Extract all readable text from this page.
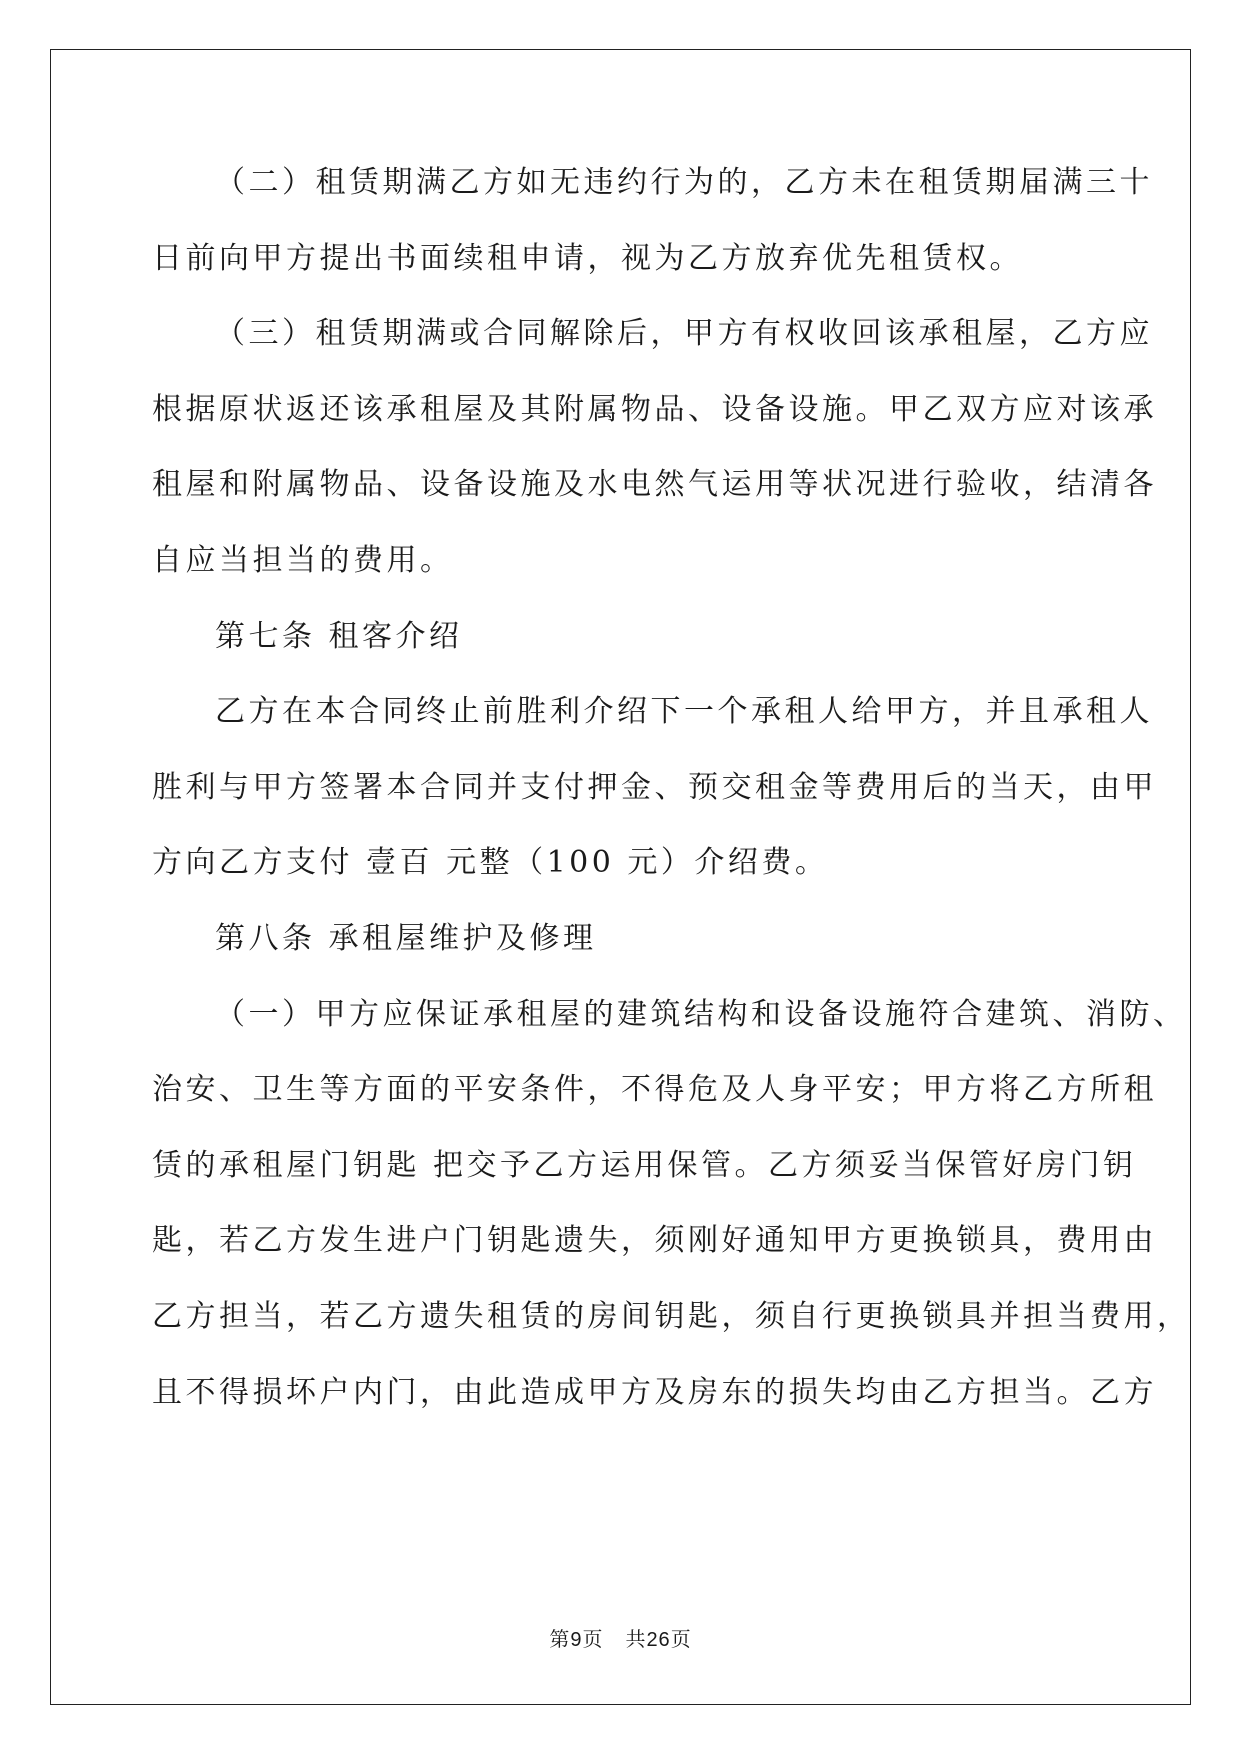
（二）租赁期满乙方如无违约行为的，乙方未在租赁期届满三十
日前向甲方提出书面续租申请，视为乙方放弃优先租赁权。
（三）租赁期满或合同解除后，甲方有权收回该承租屋，乙方应
根据原状返还该承租屋及其附属物品、设备设施。甲乙双方应对该承
租屋和附属物品、设备设施及水电然气运用等状况进行验收，结清各
自应当担当的费用。
第七条 租客介绍
乙方在本合同终止前胜利介绍下一个承租人给甲方，并且承租人
胜利与甲方签署本合同并支付押金、预交租金等费用后的当天，由甲
方向乙方支付 壹百 元整（100 元）介绍费。
第八条 承租屋维护及修理
（一）甲方应保证承租屋的建筑结构和设备设施符合建筑、消防、
治安、卫生等方面的平安条件，不得危及人身平安；甲方将乙方所租
赁的承租屋门钥匙 把交予乙方运用保管。乙方须妥当保管好房门钥
匙，若乙方发生进户门钥匙遗失，须刚好通知甲方更换锁具，费用由
乙方担当，若乙方遗失租赁的房间钥匙，须自行更换锁具并担当费用，
且不得损坏户内门，由此造成甲方及房东的损失均由乙方担当。乙方
第9页 共26页
